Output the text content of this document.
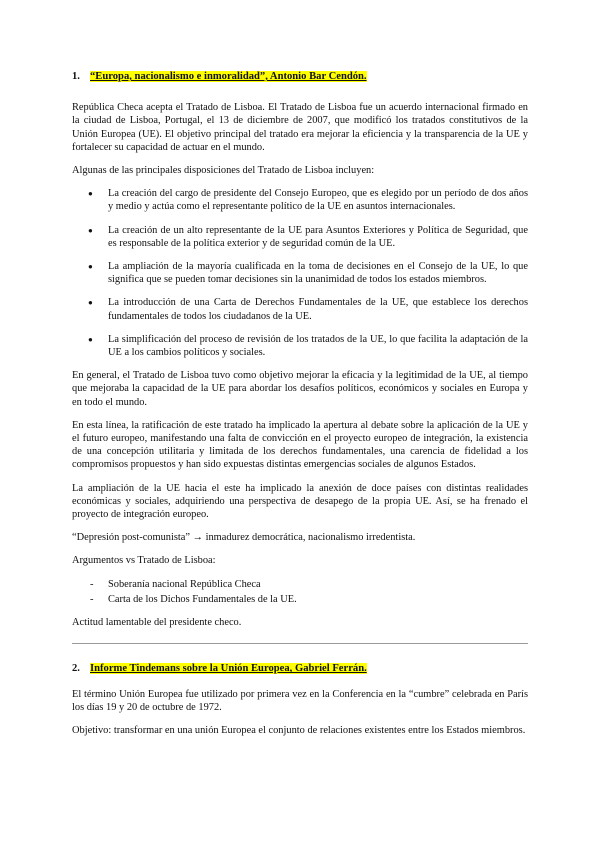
1. “Europa, nacionalismo e inmoralidad”, Antonio Bar Cendón.

República Checa acepta el Tratado de Lisboa. El Tratado de Lisboa fue un acuerdo internacional firmado en la ciudad de Lisboa, Portugal, el 13 de diciembre de 2007, que modificó los tratados constitutivos de la Unión Europea (UE). El objetivo principal del tratado era mejorar la eficiencia y la transparencia de la UE y fortalecer su capacidad de actuar en el mundo.

Algunas de las principales disposiciones del Tratado de Lisboa incluyen:

● La creación del cargo de presidente del Consejo Europeo, que es elegido por un período de dos años y medio y actúa como el representante político de la UE en asuntos internacionales.
● La creación de un alto representante de la UE para Asuntos Exteriores y Política de Seguridad, que es responsable de la política exterior y de seguridad común de la UE.
● La ampliación de la mayoría cualificada en la toma de decisiones en el Consejo de la UE, lo que significa que se pueden tomar decisiones sin la unanimidad de todos los estados miembros.
● La introducción de una Carta de Derechos Fundamentales de la UE, que establece los derechos fundamentales de todos los ciudadanos de la UE.
● La simplificación del proceso de revisión de los tratados de la UE, lo que facilita la adaptación de la UE a los cambios políticos y sociales.

En general, el Tratado de Lisboa tuvo como objetivo mejorar la eficacia y la legitimidad de la UE, al tiempo que mejoraba la capacidad de la UE para abordar los desafíos políticos, económicos y sociales en Europa y en todo el mundo.

En esta línea, la ratificación de este tratado ha implicado la apertura al debate sobre la aplicación de la UE y el futuro europeo, manifestando una falta de convicción en el proyecto europeo de integración, la existencia de una concepción utilitaria y limitada de los derechos fundamentales, una carencia de fidelidad a los compromisos propuestos y han sido expuestas distintas emergencias sociales de algunos Estados.

La ampliación de la UE hacia el este ha implicado la anexión de doce países con distintas realidades económicas y sociales, adquiriendo una perspectiva de desapego de la propia UE. Así, se ha frenado el proyecto de integración europeo.

“Depresión post-comunista” → inmadurez democrática, nacionalismo irredentista.

Argumentos vs Tratado de Lisboa:

- Soberanía nacional República Checa
- Carta de los Dichos Fundamentales de la UE.

Actitud lamentable del presidente checo.

2. Informe Tindemans sobre la Unión Europea, Gabriel Ferrán.

El término Unión Europea fue utilizado por primera vez en la Conferencia en la “cumbre” celebrada en París los días 19 y 20 de octubre de 1972.

Objetivo: transformar en una unión Europea el conjunto de relaciones existentes entre los Estados miembros.
